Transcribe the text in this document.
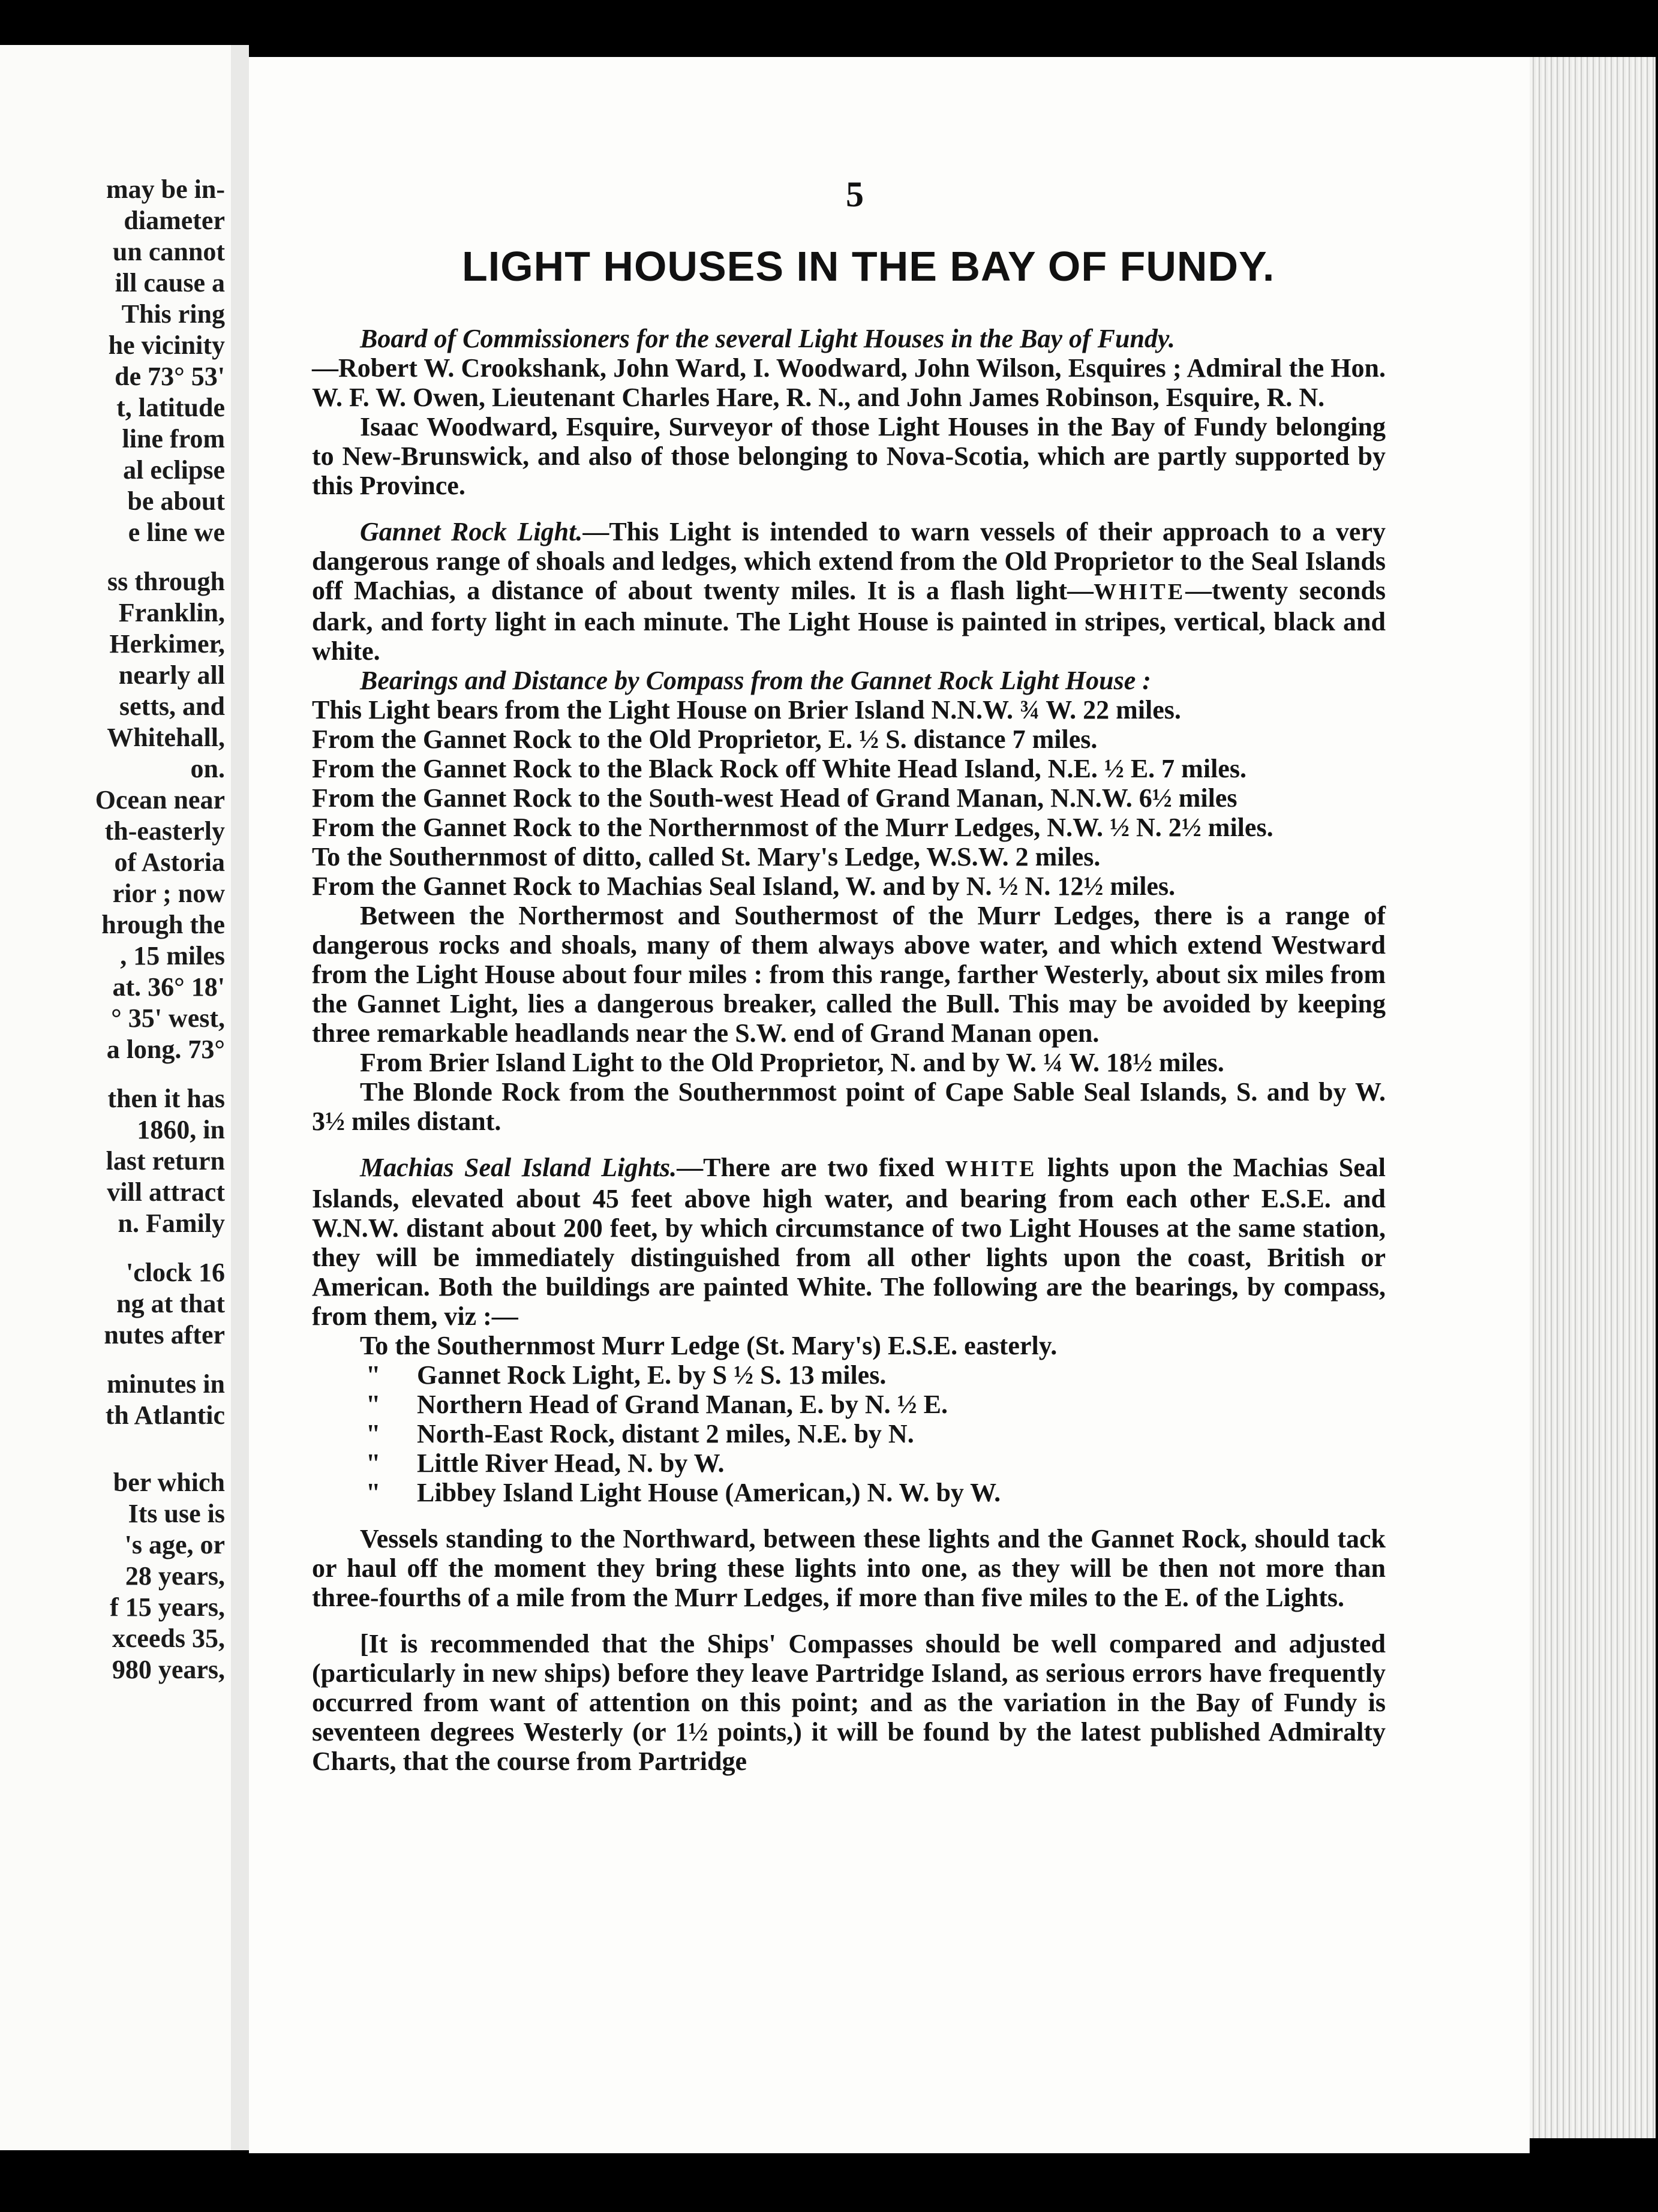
may be in-
diameter
un cannot
ill cause a
This ring
he vicinity
de 73° 53'
t, latitude
line from
al eclipse
be about
e line we
ss through
Franklin,
Herkimer,
nearly all
setts, and
Whitehall,
on.
Ocean near
th-easterly
of Astoria
rior ; now
hrough the
, 15 miles
at. 36° 18'
° 35' west,
a long. 73°
then it has
1860, in
last return
vill attract
n. Family
'clock 16
ng at that
nutes after
minutes in
th Atlantic
ber which
Its use is
's age, or
28 years,
f 15 years,
xceeds 35,
980 years,
5
LIGHT HOUSES IN THE BAY OF FUNDY.

Board of Commissioners for the several Light Houses in the Bay of Fundy.
—Robert W. Crookshank, John Ward, I. Woodward, John Wilson, Esquires ; Admiral the Hon. W. F. W. Owen, Lieutenant Charles Hare, R. N., and John James Robinson, Esquire, R. N.

Isaac Woodward, Esquire, Surveyor of those Light Houses in the Bay of Fundy belonging to New-Brunswick, and also of those belonging to Nova-Scotia, which are partly supported by this Province.

Gannet Rock Light.—This Light is intended to warn vessels of their approach to a very dangerous range of shoals and ledges, which extend from the Old Proprietor to the Seal Islands off Machias, a distance of about twenty miles. It is a flash light—WHITE—twenty seconds dark, and forty light in each minute. The Light House is painted in stripes, vertical, black and white.

Bearings and Distance by Compass from the Gannet Rock Light House :

This Light bears from the Light House on Brier Island N.N.W. ¾ W. 22 miles.

From the Gannet Rock to the Old Proprietor, E. ½ S. distance 7 miles.

From the Gannet Rock to the Black Rock off White Head Island, N.E. ½ E. 7 miles.

From the Gannet Rock to the South-west Head of Grand Manan, N.N.W. 6½ miles

From the Gannet Rock to the Northernmost of the Murr Ledges, N.W. ½ N. 2½ miles.

To the Southernmost of ditto, called St. Mary's Ledge, W.S.W. 2 miles.

From the Gannet Rock to Machias Seal Island, W. and by N. ½ N. 12½ miles.

Between the Northermost and Southermost of the Murr Ledges, there is a range of dangerous rocks and shoals, many of them always above water, and which extend Westward from the Light House about four miles : from this range, farther Westerly, about six miles from the Gannet Light, lies a dangerous breaker, called the Bull. This may be avoided by keeping three remarkable headlands near the S.W. end of Grand Manan open.

From Brier Island Light to the Old Proprietor, N. and by W. ¼ W. 18½ miles.

The Blonde Rock from the Southernmost point of Cape Sable Seal Islands, S. and by W. 3½ miles distant.

Machias Seal Island Lights.—There are two fixed WHITE lights upon the Machias Seal Islands, elevated about 45 feet above high water, and bearing from each other E.S.E. and W.N.W. distant about 200 feet, by which circumstance of two Light Houses at the same station, they will be immediately distinguished from all other lights upon the coast, British or American. Both the buildings are painted White. The following are the bearings, by compass, from them, viz :—

To the Southernmost Murr Ledge (St. Mary's) E.S.E. easterly.

" Gannet Rock Light, E. by S ½ S. 13 miles.

" Northern Head of Grand Manan, E. by N. ½ E.

" North-East Rock, distant 2 miles, N.E. by N.

" Little River Head, N. by W.

" Libbey Island Light House (American,) N. W. by W.

Vessels standing to the Northward, between these lights and the Gannet Rock, should tack or haul off the moment they bring these lights into one, as they will be then not more than three-fourths of a mile from the Murr Ledges, if more than five miles to the E. of the Lights.

[It is recommended that the Ships' Compasses should be well compared and adjusted (particularly in new ships) before they leave Partridge Island, as serious errors have frequently occurred from want of attention on this point; and as the variation in the Bay of Fundy is seventeen degrees Westerly (or 1½ points,) it will be found by the latest published Admiralty Charts, that the course from Partridge
